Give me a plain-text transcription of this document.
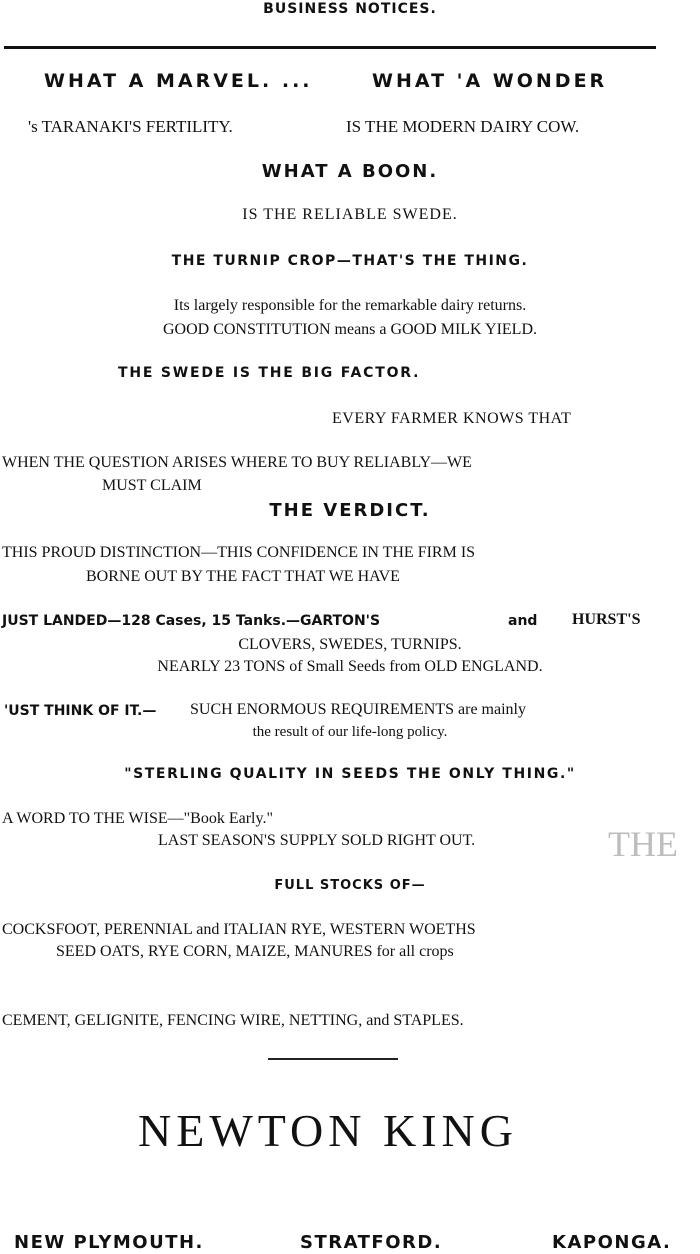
BUSINESS NOTICES.
WHAT A MARVEL. ...	WHAT 'A WONDER
's TARANAKI'S FERTILITY.	IS THE MODERN DAIRY COW.
WHAT A BOON.
IS THE RELIABLE SWEDE.
THE TURNIP CROP—THAT'S THE THING.
Its largely responsible for the remarkable dairy returns.
GOOD CONSTITUTION means a GOOD MILK YIELD.
THE SWEDE IS THE BIG FACTOR.
EVERY FARMER KNOWS THAT
WHEN THE QUESTION ARISES WHERE TO BUY RELIABLY—WE
MUST CLAIM
THE VERDICT.
THIS PROUD DISTINCTION—THIS CONFIDENCE IN THE FIRM IS
BORNE OUT BY THE FACT THAT WE HAVE
JUST LANDED—128 Cases, 15 Tanks.—GARTON'S	and HURST'S
CLOVERS, SWEDES, TURNIPS.
NEARLY 23 TONS of Small Seeds from OLD ENGLAND.
'UST THINK OF IT.— SUCH ENORMOUS REQUIREMENTS are mainly
the result of our life-long policy.
"STERLING QUALITY IN SEEDS THE ONLY THING."
A WORD TO THE WISE—"Book Early."
LAST SEASON'S SUPPLY SOLD RIGHT OUT.	THE
FULL STOCKS OF—
COCKSFOOT, PERENNIAL and ITALIAN RYE, WESTERN WOETHS
SEED OATS, RYE CORN, MAIZE, MANURES for all crops
CEMENT, GELIGNITE, FENCING WIRE, NETTING, and STAPLES.
NEWTON KING
NEW PLYMOUTH.	STRATFORD.	KAPONGA.
